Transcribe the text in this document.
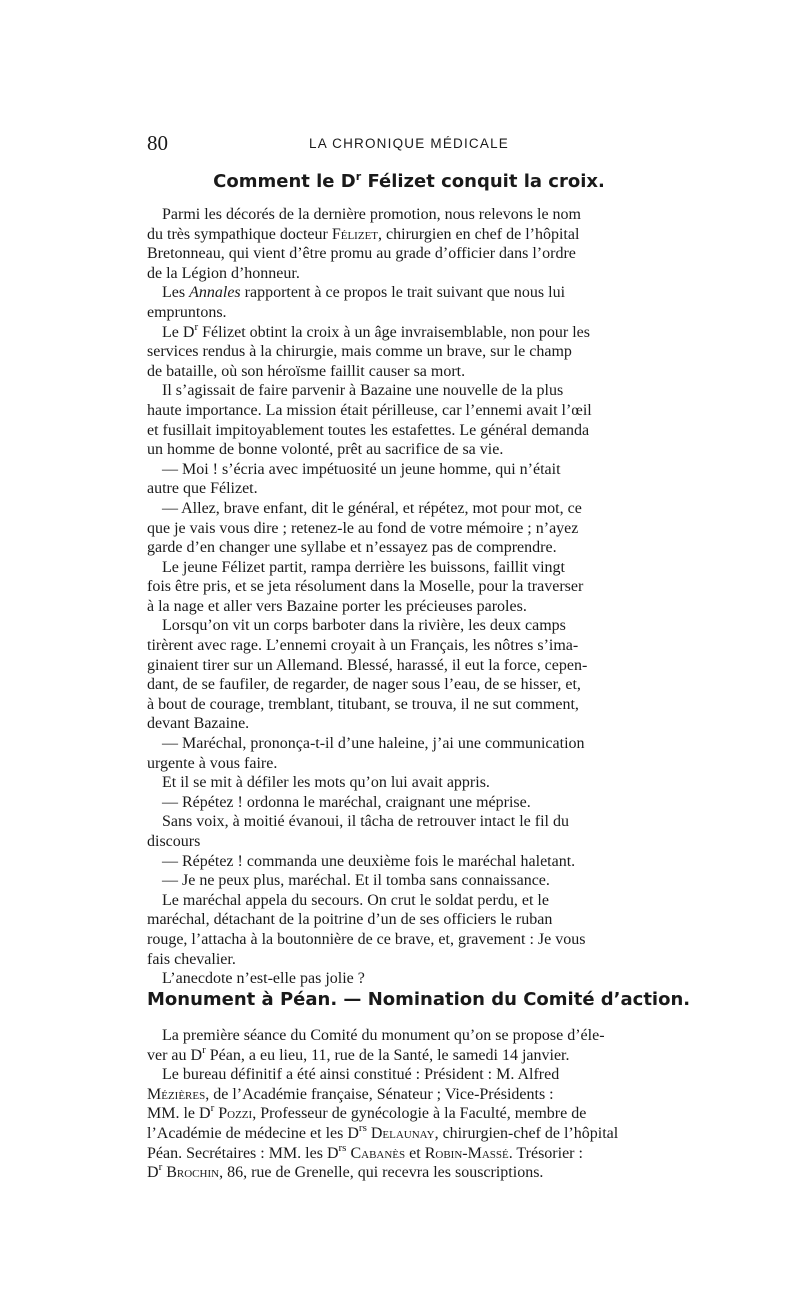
80	LA CHRONIQUE MÉDICALE
Comment le $D^r$ Félizet conquit la croix.
Parmi les décorés de la dernière promotion, nous relevons le nom
du très sympathique docteur Félizet, chirurgien en chef de l’hôpital
Bretonneau, qui vient d’être promu au grade d’officier dans l’ordre
de la Légion d’honneur.
Les Annales rapportent à ce propos le trait suivant que nous lui
empruntons.
Le $D^r$ Félizet obtint la croix à un âge invraisemblable, non pour les
services rendus à la chirurgie, mais comme un brave, sur le champ
de bataille, où son héroïsme faillit causer sa mort.
Il s’agissait de faire parvenir à Bazaine une nouvelle de la plus
haute importance. La mission était périlleuse, car l’ennemi avait l’œil
et fusillait impitoyablement toutes les estafettes. Le général demanda
un homme de bonne volonté, prêt au sacrifice de sa vie.
— Moi ! s’écria avec impétuosité un jeune homme, qui n’était
autre que Félizet.
— Allez, brave enfant, dit le général, et répétez, mot pour mot, ce
que je vais vous dire ; retenez-le au fond de votre mémoire ; n’ayez
garde d’en changer une syllabe et n’essayez pas de comprendre.
Le jeune Félizet partit, rampa derrière les buissons, faillit vingt
fois être pris, et se jeta résolument dans la Moselle, pour la traverser
à la nage et aller vers Bazaine porter les précieuses paroles.
Lorsqu’on vit un corps barboter dans la rivière, les deux camps
tirèrent avec rage. L’ennemi croyait à un Français, les nôtres s’ima-
ginaient tirer sur un Allemand. Blessé, harassé, il eut la force, cepen-
dant, de se faufiler, de regarder, de nager sous l’eau, de se hisser, et,
à bout de courage, tremblant, titubant, se trouva, il ne sut comment,
devant Bazaine.
— Maréchal, prononça-t-il d’une haleine, j’ai une communication
urgente à vous faire.
Et il se mit à défiler les mots qu’on lui avait appris.
— Répétez ! ordonna le maréchal, craignant une méprise.
Sans voix, à moitié évanoui, il tâcha de retrouver intact le fil du
discours
— Répétez ! commanda une deuxième fois le maréchal haletant.
— Je ne peux plus, maréchal. Et il tomba sans connaissance.
Le maréchal appela du secours. On crut le soldat perdu, et le
maréchal, détachant de la poitrine d’un de ses officiers le ruban
rouge, l’attacha à la boutonnière de ce brave, et, gravement : Je vous
fais chevalier.
L’anecdote n’est-elle pas jolie ?
Monument à Péan. — Nomination du Comité d’action.
La première séance du Comité du monument qu’on se propose d’éle-
ver au $D^r$ Péan, a eu lieu, 11, rue de la Santé, le samedi 14 janvier.
Le bureau définitif a été ainsi constitué : Président : M. Alfred
Mézières, de l’Académie française, Sénateur ; Vice-Présidents :
MM. le $D^r$ Pozzi, Professeur de gynécologie à la Faculté, membre de
l’Académie de médecine et les $D^{rs}$ Delaunay, chirurgien-chef de l’hôpital
Péan. Secrétaires : MM. les $D^{rs}$ Cabanès et Robin-Massé. Trésorier :
$D^r$ Brochin, 86, rue de Grenelle, qui recevra les souscriptions.
